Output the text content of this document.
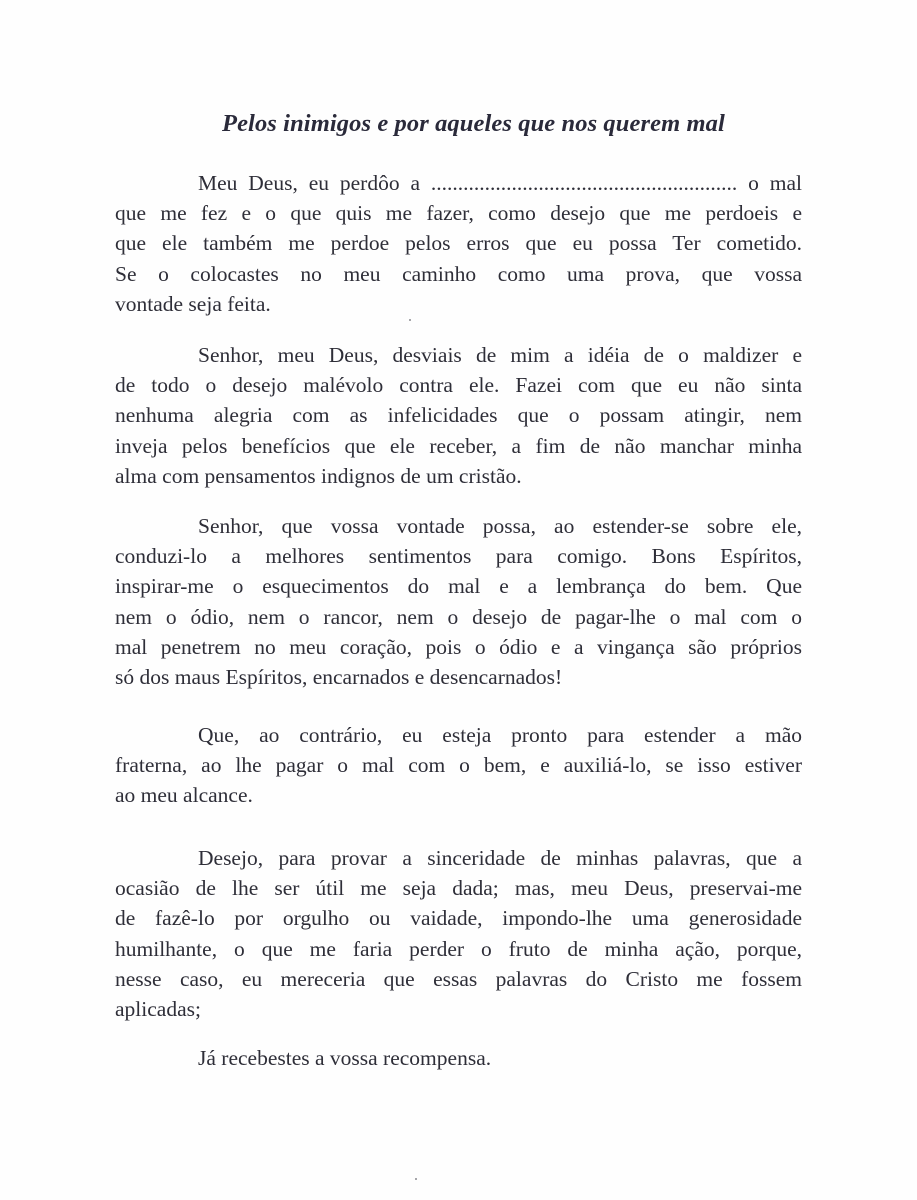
Pelos inimigos e por aqueles que nos querem mal
Meu Deus, eu perdôo a ......................................................... o mal
que me fez e o que quis me fazer, como desejo que me perdoeis e
que ele também me perdoe pelos erros que eu possa Ter cometido.
Se o colocastes no meu caminho como uma prova, que vossa
vontade seja feita.
Senhor, meu Deus, desviais de mim a idéia de o maldizer e
de todo o desejo malévolo contra ele. Fazei com que eu não sinta
nenhuma alegria com as infelicidades que o possam atingir, nem
inveja pelos benefícios que ele receber, a fim de não manchar minha
alma com pensamentos indignos de um cristão.
Senhor, que vossa vontade possa, ao estender-se sobre ele,
conduzi-lo a melhores sentimentos para comigo. Bons Espíritos,
inspirar-me o esquecimentos do mal e a lembrança do bem. Que
nem o ódio, nem o rancor, nem o desejo de pagar-lhe o mal com o
mal penetrem no meu coração, pois o ódio e a vingança são próprios
só dos maus Espíritos, encarnados e desencarnados!
Que, ao contrário, eu esteja pronto para estender a mão
fraterna, ao lhe pagar o mal com o bem, e auxiliá-lo, se isso estiver
ao meu alcance.
Desejo, para provar a sinceridade de minhas palavras, que a
ocasião de lhe ser útil me seja dada; mas, meu Deus, preservai-me
de fazê-lo por orgulho ou vaidade, impondo-lhe uma generosidade
humilhante, o que me faria perder o fruto de minha ação, porque,
nesse caso, eu mereceria que essas palavras do Cristo me fossem
aplicadas;
Já recebestes a vossa recompensa.
